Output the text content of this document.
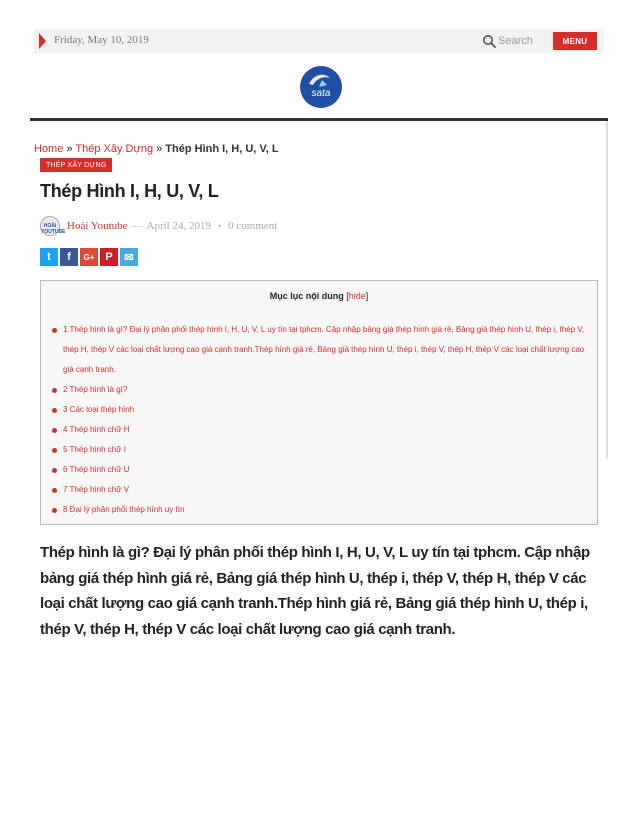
Friday, May 10, 2019
Search	MENU
sata
Home » Thép Xây Dựng » Thép Hình I, H, U, V, L
THÉP XÂY DỰNG
Thép Hình I, H, U, V, L
HOÀI YOUTUBE Hoài Youtube — April 24, 2019 • 0 comment
t	f	G+ P	✉
Mục lục nội dung [hide]
1 Thép hình là gì? Đại lý phân phối thép hình I, H, U, V, L uy tín tại tphcm. Cập nhập bảng giá thép hình giá rẻ, Bảng giá thép hình U, thép i, thép V, thép H, thép V các loại chất lượng cao giá cạnh tranh.Thép hình giá rẻ, Bảng giá thép hình U, thép i, thép V, thép H, thép V các loại chất lượng cao giá cạnh tranh.
2 Thép hình là gì?
3 Các loại thép hình
4 Thép hình chữ H
5 Thép hình chữ I
6 Thép hình chữ U
7 Thép hình chữ V
8 Đại lý phân phối thép hình uy tín
Thép hình là gì? Đại lý phân phối thép hình I, H, U, V, L uy tín tại tphcm. Cập nhập bảng giá thép hình giá rẻ, Bảng giá thép hình U, thép i, thép V, thép H, thép V các loại chất lượng cao giá cạnh tranh.Thép hình giá rẻ, Bảng giá thép hình U, thép i, thép V, thép H, thép V các loại chất lượng cao giá cạnh tranh.
